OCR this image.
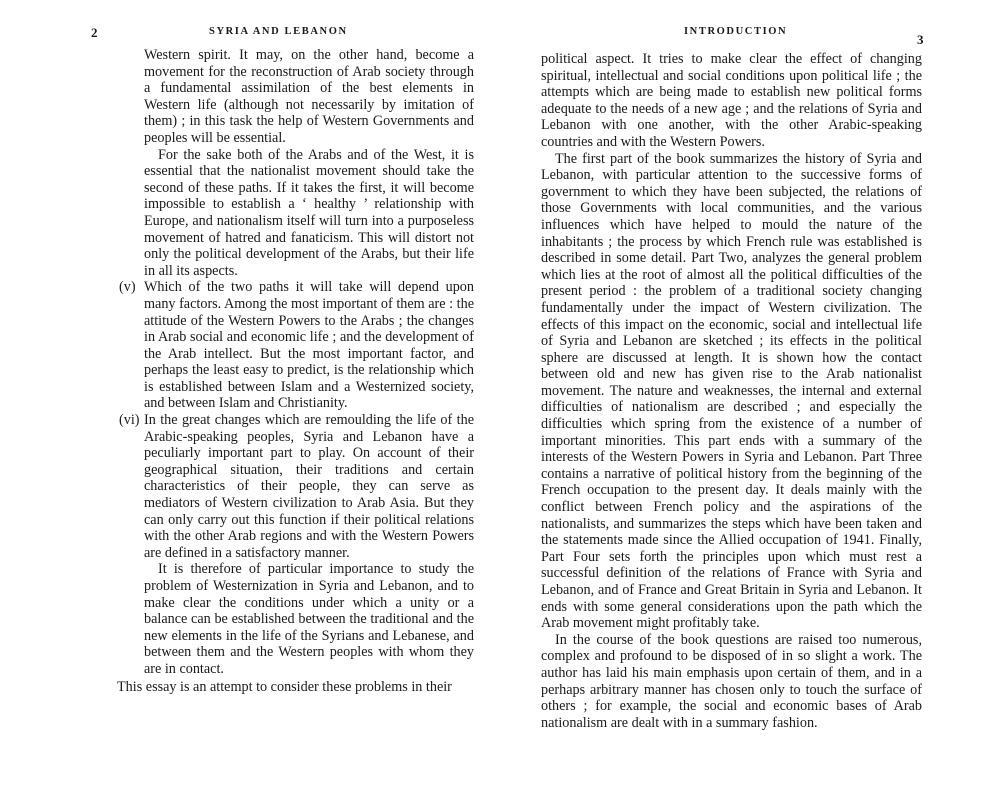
2	SYRIA AND LEBANON

Western spirit. It may, on the other hand, become a movement for the reconstruction of Arab society through a fundamental assimilation of the best elements in Western life (although not necessarily by imitation of them) ; in this task the help of Western Governments and peoples will be essential.

For the sake both of the Arabs and of the West, it is essential that the nationalist movement should take the second of these paths. If it takes the first, it will become impossible to establish a ‘ healthy ’ relationship with Europe, and nationalism itself will turn into a purposeless movement of hatred and fanaticism. This will distort not only the political development of the Arabs, but their life in all its aspects.

(v) Which of the two paths it will take will depend upon many factors. Among the most important of them are : the attitude of the Western Powers to the Arabs ; the changes in Arab social and economic life ; and the development of the Arab intellect. But the most important factor, and perhaps the least easy to predict, is the relationship which is established between Islam and a Westernized society, and between Islam and Christianity.
(vi) In the great changes which are remoulding the life of the Arabic-speaking peoples, Syria and Lebanon have a peculiarly important part to play. On account of their geographical situation, their traditions and certain characteristics of their people, they can serve as mediators of Western civilization to Arab Asia. But they can only carry out this function if their political relations with the other Arab regions and with the Western Powers are defined in a satisfactory manner.

It is therefore of particular importance to study the problem of Westernization in Syria and Lebanon, and to make clear the conditions under which a unity or a balance can be established between the traditional and the new elements in the life of the Syrians and Lebanese, and between them and the Western peoples with whom they are in contact.

This essay is an attempt to consider these problems in their

INTRODUCTION
3

political aspect. It tries to make clear the effect of changing spiritual, intellectual and social conditions upon political life ; the attempts which are being made to establish new political forms adequate to the needs of a new age ; and the relations of Syria and Lebanon with one another, with the other Arabic-speaking countries and with the Western Powers.

The first part of the book summarizes the history of Syria and Lebanon, with particular attention to the successive forms of government to which they have been subjected, the relations of those Governments with local communities, and the various influences which have helped to mould the nature of the inhabitants ; the process by which French rule was established is described in some detail. Part Two, analyzes the general problem which lies at the root of almost all the political difficulties of the present period : the problem of a traditional society changing fundamentally under the impact of Western civilization. The effects of this impact on the economic, social and intellectual life of Syria and Lebanon are sketched ; its effects in the political sphere are discussed at length. It is shown how the contact between old and new has given rise to the Arab nationalist movement. The nature and weaknesses, the internal and external difficulties of nationalism are described ; and especially the difficulties which spring from the existence of a number of important minorities. This part ends with a summary of the interests of the Western Powers in Syria and Lebanon. Part Three contains a narrative of political history from the beginning of the French occupation to the present day. It deals mainly with the conflict between French policy and the aspirations of the nationalists, and summarizes the steps which have been taken and the statements made since the Allied occupation of 1941. Finally, Part Four sets forth the principles upon which must rest a successful definition of the relations of France with Syria and Lebanon, and of France and Great Britain in Syria and Lebanon. It ends with some general considerations upon the path which the Arab movement might profitably take.

In the course of the book questions are raised too numerous, complex and profound to be disposed of in so slight a work. The author has laid his main emphasis upon certain of them, and in a perhaps arbitrary manner has chosen only to touch the surface of others ; for example, the social and economic bases of Arab nationalism are dealt with in a summary fashion.
